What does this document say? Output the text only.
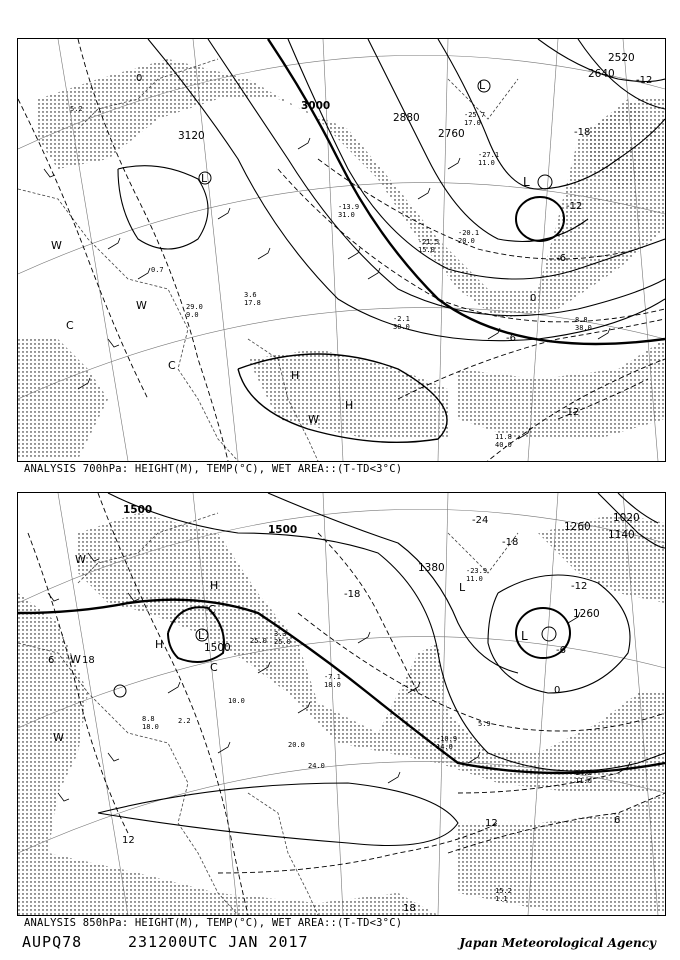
3120
3000
2880
2760
2640
2520
-12
-18
-12
-6
0
-6
-12
0
L
L
L
H
H
W
W
W
C
C
8.8
38.0
11.8
40.0
-2.1
30.0
-13.9
31.0
-21.5
15.0
-20.1
20.0
-27.1
11.0
-25.7
17.0
3.6
17.8
29.0
9.0
0.7
5.2
ANALYSIS 700hPa: HEIGHT(M), TEMP(°C), WET AREA::(T-TD<3°C)
1500
1500
1500
1380
1260
1260
1140
1020
-24
-18
-18
-12
-6
0
6
12
18
18
12
6
L
L
L
H
H
W
W
W
C
C
15.2
1.1
14.2
11.0
-10.9
14.0
-7.1
18.0
-23.9
11.0
5.9
2.2
25.0
10.0
3.3
25.0
8.8
18.0
20.0
24.0
ANALYSIS 850hPa: HEIGHT(M), TEMP(°C), WET AREA::(T-TD<3°C)
AUPQ78	231200UTC JAN 2017	Japan Meteorological Agency
